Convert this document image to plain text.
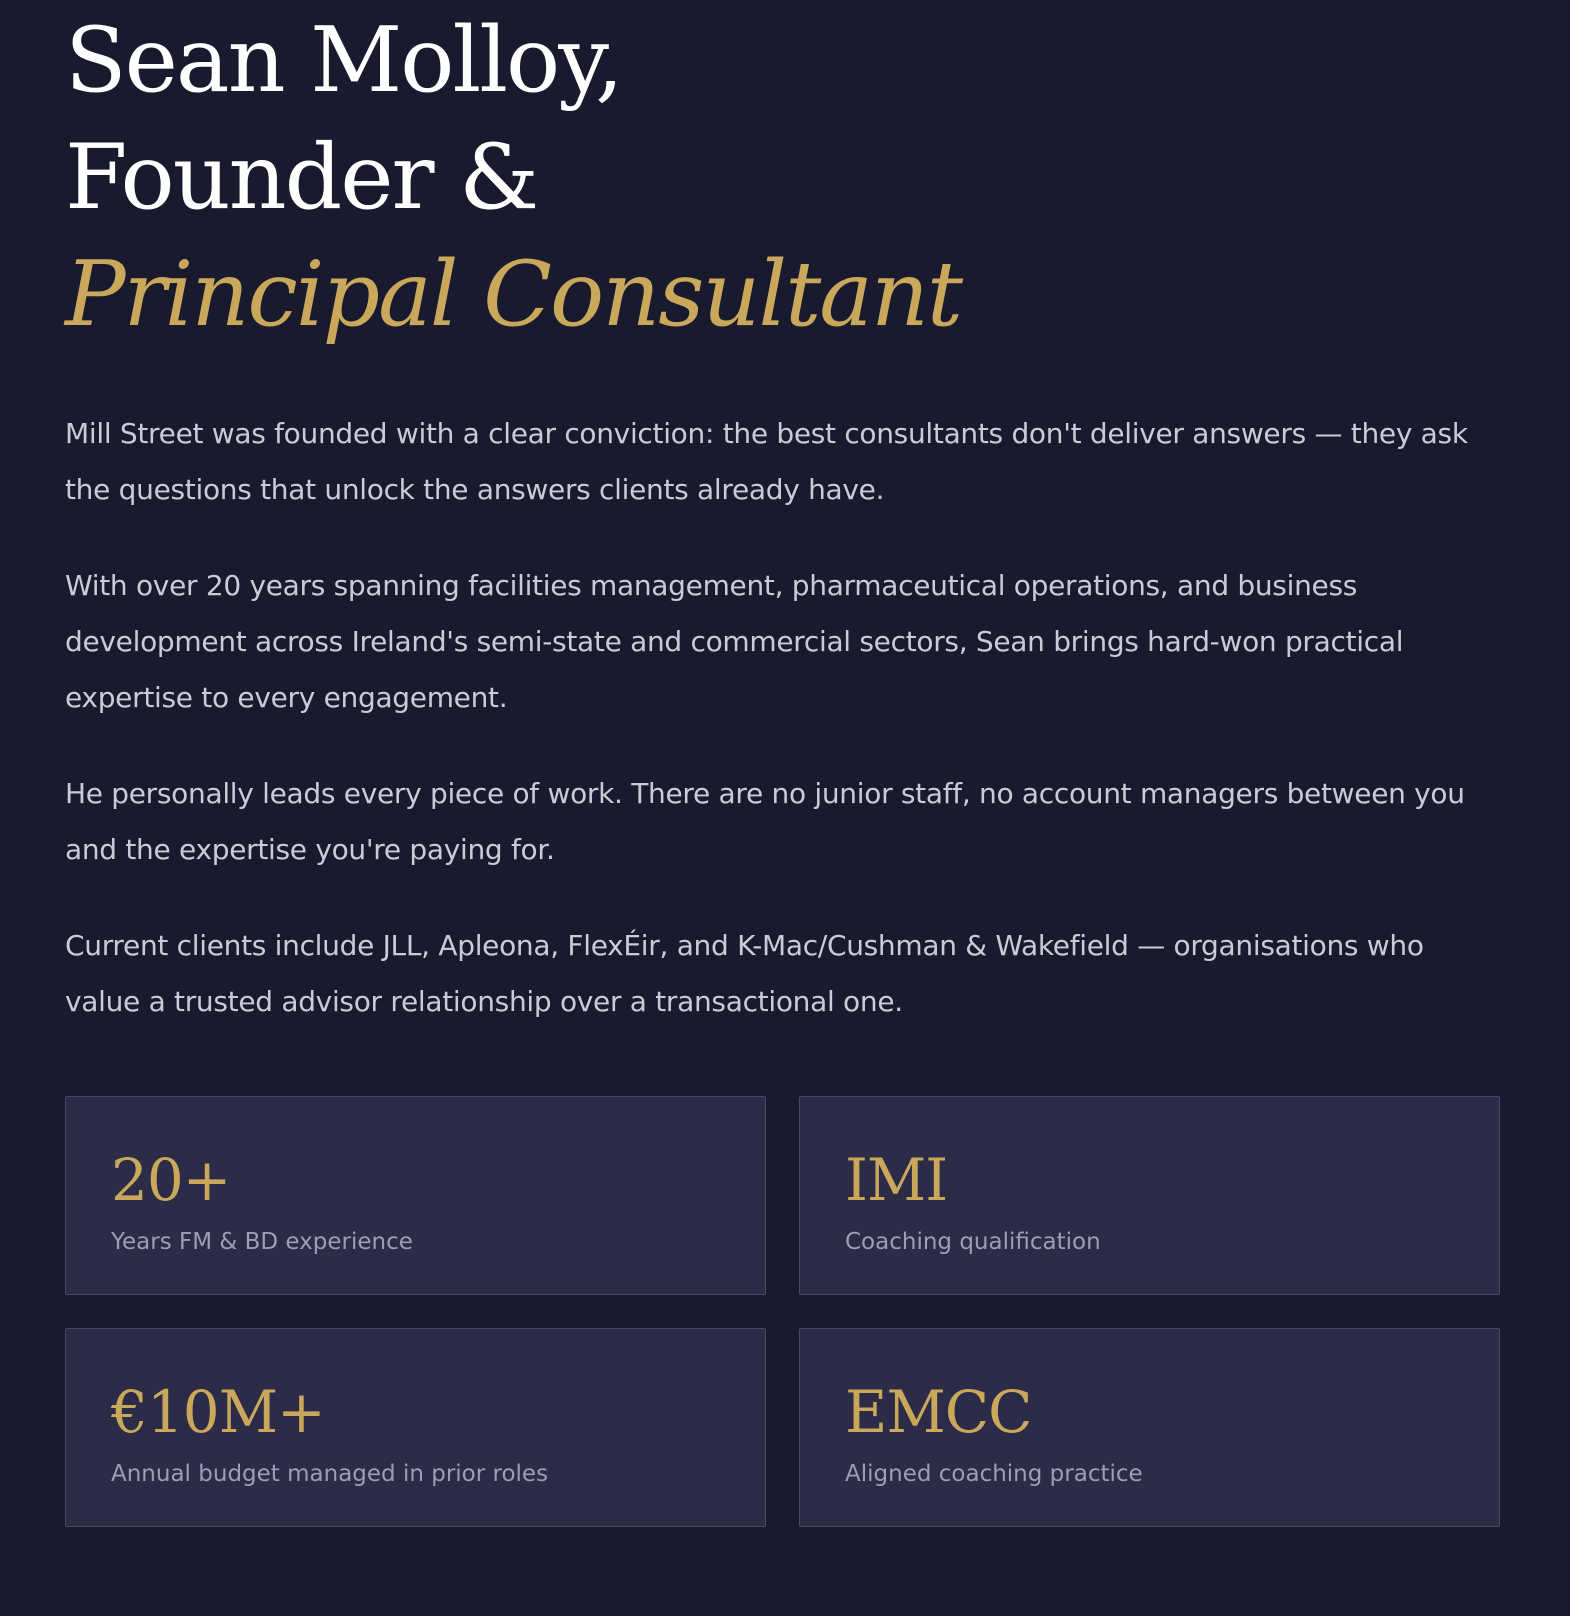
Sean Molloy,
Founder &
Principal Consultant

Mill Street was founded with a clear conviction: the best consultants don't deliver answers — they ask the questions that unlock the answers clients already have.

With over 20 years spanning facilities management, pharmaceutical operations, and business development across Ireland's semi-state and commercial sectors, Sean brings hard-won practical expertise to every engagement.

He personally leads every piece of work. There are no junior staff, no account managers between you and the expertise you're paying for.

Current clients include JLL, Apleona, FlexÉir, and K-Mac/Cushman & Wakefield — organisations who value a trusted advisor relationship over a transactional one.

20+
Years FM & BD experience
IMI
Coaching qualification
€10M+
Annual budget managed in prior roles
EMCC
Aligned coaching practice
